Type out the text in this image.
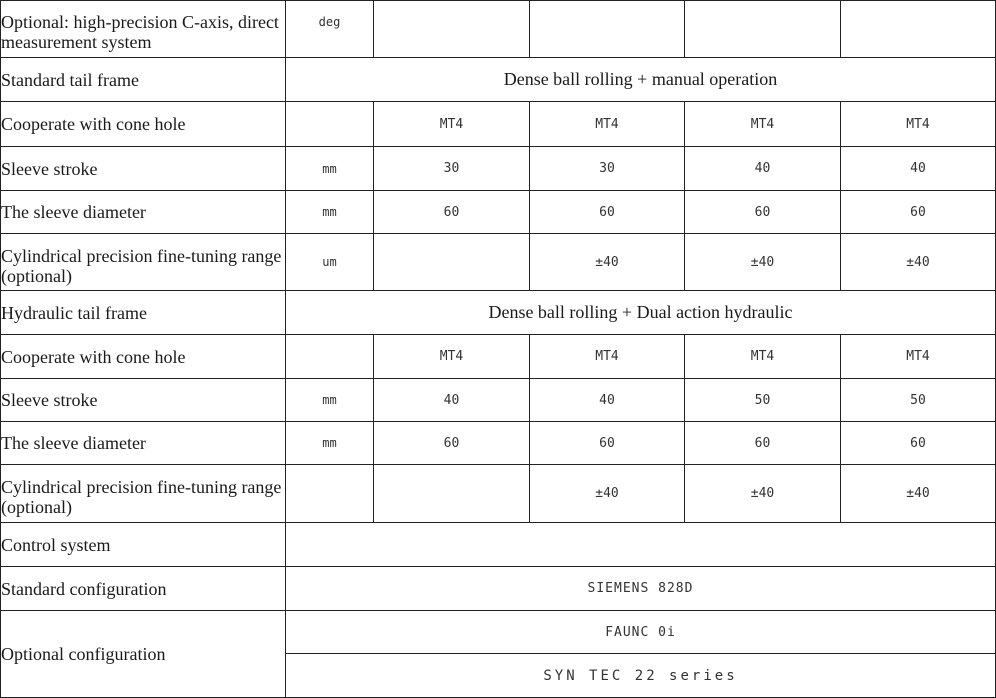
Optional: high-precision C-axis, direct measurement system	deg				
Standard tail frame	Dense ball rolling + manual operation				
Cooperate with cone hole		MT4	MT4	MT4	MT4
Sleeve stroke	mm	30	30	40	40
The sleeve diameter	mm	60	60	60	60
Cylindrical precision fine-tuning range (optional)	um		±40	±40	±40
Hydraulic tail frame	Dense ball rolling + Dual action hydraulic				
Cooperate with cone hole		MT4	MT4	MT4	MT4
Sleeve stroke	mm	40	40	50	50
The sleeve diameter	mm	60	60	60	60
Cylindrical precision fine-tuning range (optional)			±40	±40	±40
Control system					
Standard configuration	SIEMENS 828D				
Optional configuration	FAUNC 0i				
	SYN TEC 22 series				
